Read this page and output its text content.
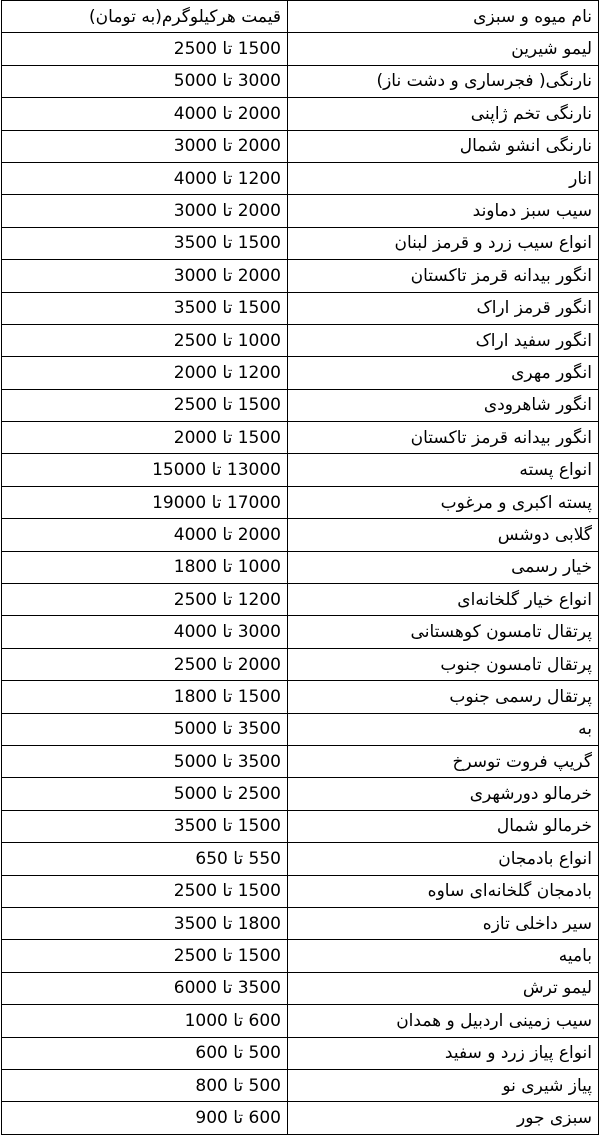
نام میوه و سبزی	قیمت هرکیلوگرم(به تومان)
لیمو شیرین	1500 تا 2500
نارنگی( فجرساری و دشت ناز)	3000 تا 5000
نارنگی تخم ژاپنی	2000 تا 4000
نارنگی انشو شمال	2000 تا 3000
انار	1200 تا 4000
سیب سبز دماوند	2000 تا 3000
انواع سیب زرد و قرمز لبنان	1500 تا 3500
انگور بیدانه قرمز تاکستان	2000 تا 3000
انگور قرمز اراک	1500 تا 3500
انگور سفید اراک	1000 تا 2500
انگور مهری	1200 تا 2000
انگور شاهرودی	1500 تا 2500
انگور بیدانه قرمز تاکستان	1500 تا 2000
انواع پسته	13000 تا 15000
پسته اکبری و مرغوب	17000 تا 19000
گلابی دوشس	2000 تا 4000
خیار رسمی	1000 تا 1800
انواع خیار گلخانه‌ای	1200 تا 2500
پرتقال تامسون کوهستانی	3000 تا 4000
پرتقال تامسون جنوب	2000 تا 2500
پرتقال رسمی جنوب	1500 تا 1800
به	3500 تا 5000
گریپ فروت توسرخ	3500 تا 5000
خرمالو دورشهری	2500 تا 5000
خرمالو شمال	1500 تا 3500
انواع بادمجان	550 تا 650
بادمجان گلخانه‌ای ساوه	1500 تا 2500
سیر داخلی تازه	1800 تا 3500
بامیه	1500 تا 2500
لیمو ترش	3500 تا 6000
سیب زمینی اردبیل و همدان	600 تا 1000
انواع پیاز زرد و سفید	500 تا 600
پیاز شیری نو	500 تا 800
سبزی جور	600 تا 900
